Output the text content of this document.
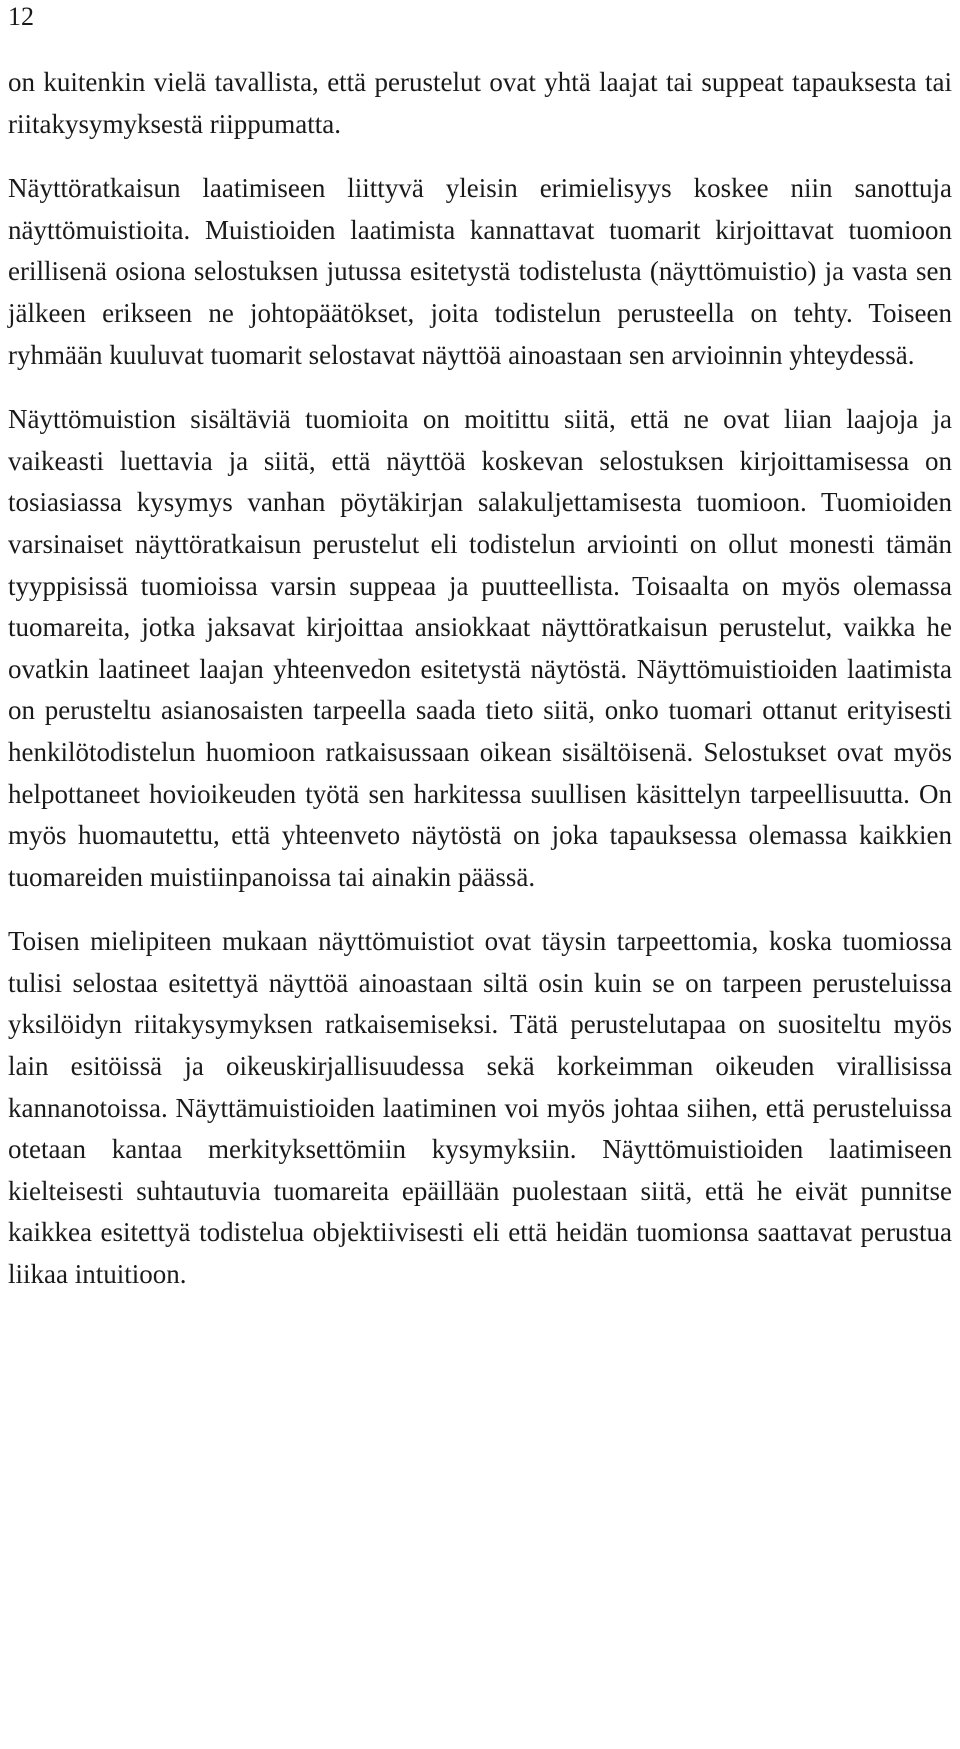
12

on kuitenkin vielä tavallista, että perustelut ovat yhtä laajat tai suppeat tapauksesta tai riitakysymyksestä riippumatta.

Näyttöratkaisun laatimiseen liittyvä yleisin erimielisyys koskee niin sanottuja näyttömuistioita. Muistioiden laatimista kannattavat tuomarit kirjoittavat tuomioon erillisenä osiona selostuksen jutussa esitetystä todistelusta (näyttömuistio) ja vasta sen jälkeen erikseen ne johtopäätökset, joita todistelun perusteella on tehty. Toiseen ryhmään kuuluvat tuomarit selostavat näyttöä ainoastaan sen arvioinnin yhteydessä.

Näyttömuistion sisältäviä tuomioita on moitittu siitä, että ne ovat liian laajoja ja vaikeasti luettavia ja siitä, että näyttöä koskevan selostuksen kirjoittamisessa on tosiasiassa kysymys vanhan pöytäkirjan salakuljettamisesta tuomioon. Tuomioiden varsinaiset näyttöratkaisun perustelut eli todistelun arviointi on ollut monesti tämän tyyppisissä tuomioissa varsin suppeaa ja puutteellista. Toisaalta on myös olemassa tuomareita, jotka jaksavat kirjoittaa ansiokkaat näyttöratkaisun perustelut, vaikka he ovatkin laatineet laajan yhteenvedon esitetystä näytöstä. Näyttömuistioiden laatimista on perusteltu asianosaisten tarpeella saada tieto siitä, onko tuomari ottanut erityisesti henkilötodistelun huomioon ratkaisussaan oikean sisältöisenä. Selostukset ovat myös helpottaneet hovioikeuden työtä sen harkitessa suullisen käsittelyn tarpeellisuutta. On myös huomautettu, että yhteenveto näytöstä on joka tapauksessa olemassa kaikkien tuomareiden muistiinpanoissa tai ainakin päässä.

Toisen mielipiteen mukaan näyttömuistiot ovat täysin tarpeettomia, koska tuomiossa tulisi selostaa esitettyä näyttöä ainoastaan siltä osin kuin se on tarpeen perusteluissa yksilöidyn riitakysymyksen ratkaisemiseksi. Tätä perustelutapaa on suositeltu myös lain esitöissä ja oikeuskirjallisuudessa sekä korkeimman oikeuden virallisissa kannanotoissa. Näyttämuistioiden laatiminen voi myös johtaa siihen, että perusteluissa otetaan kantaa merkityksettömiin kysymyksiin. Näyttömuistioiden laatimiseen kielteisesti suhtautuvia tuomareita epäillään puolestaan siitä, että he eivät punnitse kaikkea esitettyä todistelua objektiivisesti eli että heidän tuomionsa saattavat perustua liikaa intuitioon.
